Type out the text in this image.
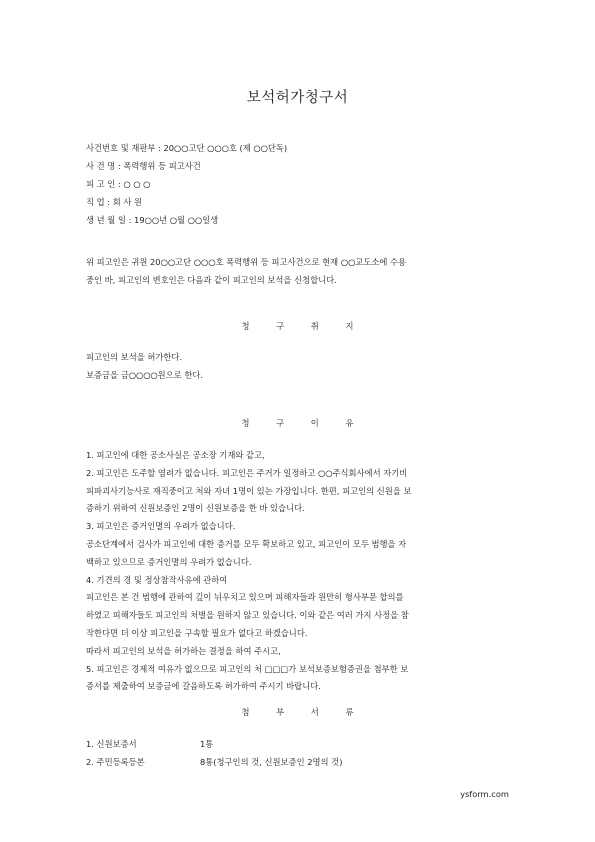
보석허가청구서
사건번호 및 재판부 : 20○○고단 ○○○호 (제 ○○단독)
사 건 명 : 폭력행위 등 피고사건
피 고 인 : ○ ○ ○
직 업 : 회 사 원
생 년 월 일 : 19○○년 ○월 ○○일생
위 피고인은 귀원 20○○고단 ○○○호 폭력행위 등 피고사건으로 현재 ○○교도소에 수용
중인 바, 피고인의 변호인은 다음과 같이 피고인의 보석을 신청합니다.
청 구 취 지
피고인의 보석을 허가한다.
보증금을 금○○○○원으로 한다.
청 구 이 유
1. 피고인에 대한 공소사실은 공소장 기재와 같고,
2. 피고인은 도주할 염려가 없습니다. 피고인은 주거가 일정하고 ○○주식회사에서 자기비
피파괴사기능사로 재직중이고 처와 자녀 1명이 있는 가장입니다. 한편, 피고인의 신원을 보
증하기 위하여 신원보증인 2명이 신원보증을 한 바 있습니다.
3. 피고인은 증거인멸의 우려가 없습니다.
공소단계에서 검사가 피고인에 대한 증거를 모두 확보하고 있고, 피고인이 모두 범행을 자
백하고 있으므로 증거인멸의 우려가 없습니다.
4. 기견의 경 및 정상참작사유에 관하여
피고인은 본 건 범행에 관하여 깊이 뉘우치고 있으며 피해자들과 원만히 형사부문 합의를
하였고 피해자들도 피고인의 처벌을 원하지 않고 있습니다. 이와 같은 여러 가지 사정을 참
작한다면 더 이상 피고인을 구속할 필요가 없다고 하겠습니다.
따라서 피고인의 보석을 허가하는 결정을 하여 주시고,
5. 피고인은 경제적 여유가 없으므로 피고인의 처 □□□가 보석보증보험증권을 첨부한 보
증서를 제출하여 보증금에 갈음하도록 허가하여 주시기 바랍니다.
첨 부 서 류
1. 신원보증서	1통
2. 주민등록등본	8통(청구인의 것, 신원보증인 2명의 것)
ysform.com
